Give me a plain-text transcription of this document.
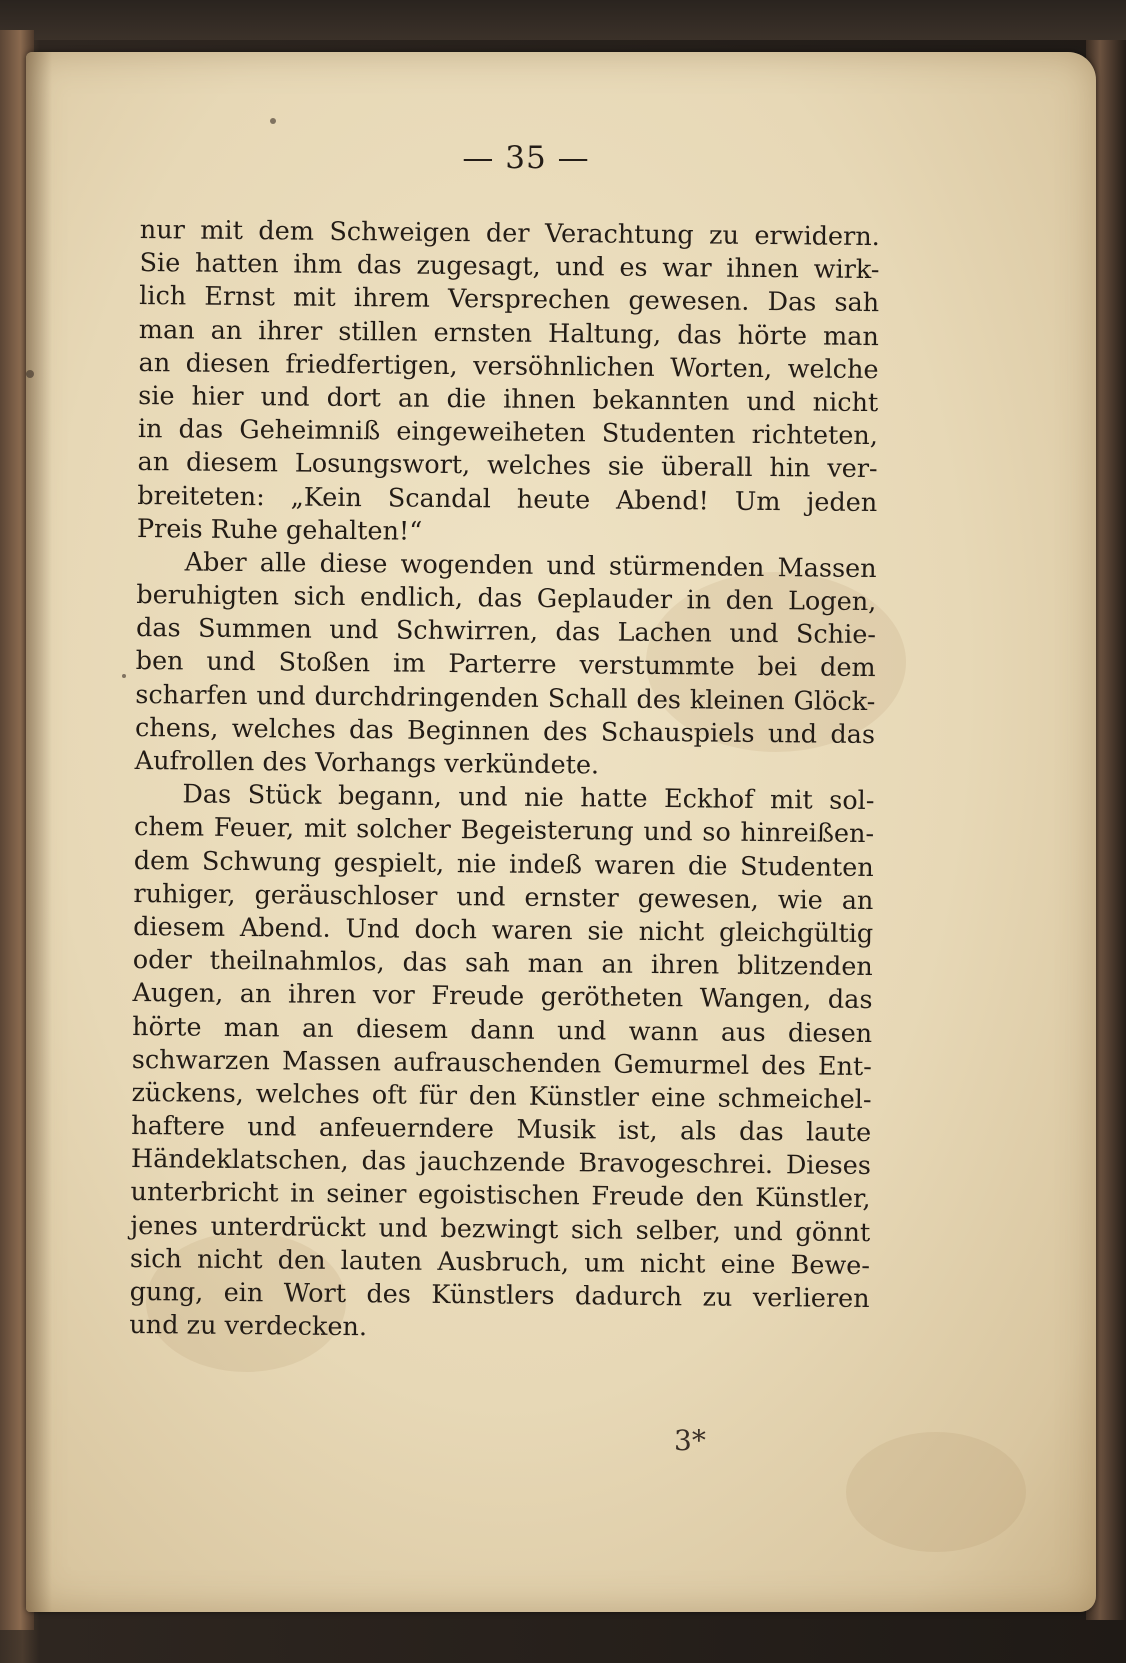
— 35 —
nur mit dem Schweigen der Verachtung zu erwidern.
Sie hatten ihm das zugesagt, und es war ihnen wirk-
lich Ernst mit ihrem Versprechen gewesen. Das sah
man an ihrer stillen ernsten Haltung, das hörte man
an diesen friedfertigen, versöhnlichen Worten, welche
sie hier und dort an die ihnen bekannten und nicht
in das Geheimniß eingeweiheten Studenten richteten,
an diesem Losungswort, welches sie überall hin ver-
breiteten: „Kein Scandal heute Abend! Um jeden
Preis Ruhe gehalten!“
Aber alle diese wogenden und stürmenden Massen
beruhigten sich endlich, das Geplauder in den Logen,
das Summen und Schwirren, das Lachen und Schie-
ben und Stoßen im Parterre verstummte bei dem
scharfen und durchdringenden Schall des kleinen Glöck-
chens, welches das Beginnen des Schauspiels und das
Aufrollen des Vorhangs verkündete.
Das Stück begann, und nie hatte Eckhof mit sol-
chem Feuer, mit solcher Begeisterung und so hinreißen-
dem Schwung gespielt, nie indeß waren die Studenten
ruhiger, geräuschloser und ernster gewesen, wie an
diesem Abend. Und doch waren sie nicht gleichgültig
oder theilnahmlos, das sah man an ihren blitzenden
Augen, an ihren vor Freude gerötheten Wangen, das
hörte man an diesem dann und wann aus diesen
schwarzen Massen aufrauschenden Gemurmel des Ent-
zückens, welches oft für den Künstler eine schmeichel-
haftere und anfeuerndere Musik ist, als das laute
Händeklatschen, das jauchzende Bravogeschrei. Dieses
unterbricht in seiner egoistischen Freude den Künstler,
jenes unterdrückt und bezwingt sich selber, und gönnt
sich nicht den lauten Ausbruch, um nicht eine Bewe-
gung, ein Wort des Künstlers dadurch zu verlieren
und zu verdecken.
3*
